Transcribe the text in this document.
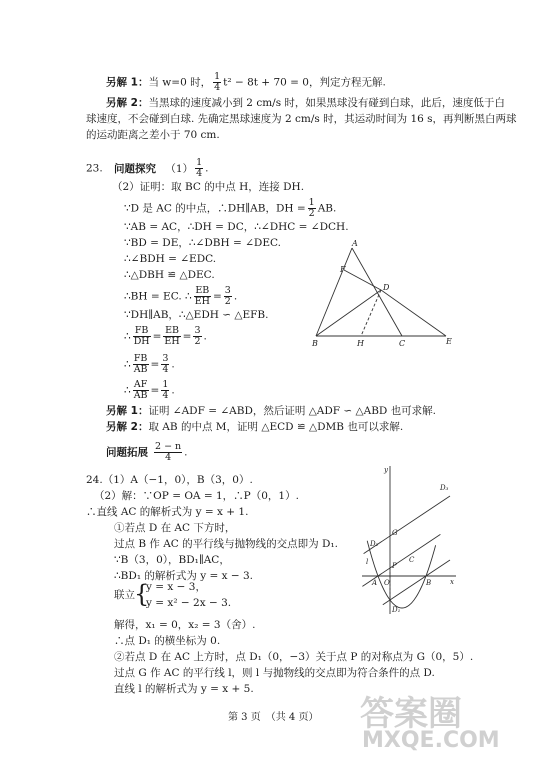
另解 1：当 w=0 时， $\frac{1}{4} t^2 - 8t + 70 = 0$，判定方程无解.
另解 2：当黑球的速度减小到 2 cm/s 时，如果黑球没有碰到白球，此后，速度低于白
球速度，不会碰到白球. 先确定黑球速度为 2 cm/s 时，其运动时间为 16 s，再判断黑白两球
的运动距离之差小于 70 cm.
23. 问题探究 $(1) \frac{1}{4}$ .
（2）证明：取 BC 的中点 H，连接 DH.
∵D 是 AC 的中点，∴DH∥AB，DH = $\frac{1}{2}$ AB.
∵AB = AC，∴DH = DC，∴∠DHC = ∠DCH.
∵BD = DE，∴∠DBH = ∠DEC.
∴∠BDH = ∠EDC.
∴△DBH ≌ △DEC.
∴BH = EC. ∴ $\frac{EB}{EH} = \frac{3}{2}$ .
∵DH∥AB，∴△EDH ∽ △EFB.
∴ $\frac{FB}{DH} = \frac{EB}{EH} = \frac{3}{2}$ .
∴ $\frac{FB}{AB} = \frac{3}{4}$ .
∴ $\frac{AF}{AB} = \frac{1}{4}$ .
另解 1：证明 ∠ADF = ∠ABD，然后证明 △ADF ∽ △ABD 也可求解.
另解 2：取 AB 的中点 M，证明 △ECD ≌ △DMB 也可以求解.
问题拓展 $\frac{2 - n}{4}$ .
A
F
D
B	H	C	E
24.（1）A（−1，0），B（3，0）.
（2）解：∵OP = OA = 1，∴P（0，1）.
∴直线 AC 的解析式为 y = x + 1.
①若点 D 在 AC 下方时，
过点 B 作 AC 的平行线与抛物线的交点即为 D₁.
∵B（3，0），BD₁∥AC，
∴BD₁ 的解析式为 y = x − 3.
联立 {
y = x − 3，
y = x² − 2x − 3.
解得，x₁ = 0，x₂ = 3（舍）.
∴点 D₁ 的横坐标为 0.
②若点 D 在 AC 上方时，点 D₁（0，−3）关于点 P 的对称点为 G（0，5）.
过点 G 作 AC 的平行线 l，则 l 与抛物线的交点即为符合条件的点 D.
直线 l 的解析式为 y = x + 5.
y
x
O
A	B
P
G
l
D₂
D₃
D₁
C
第 3 页　（共 4 页） 答案圈
MXQE.COM
